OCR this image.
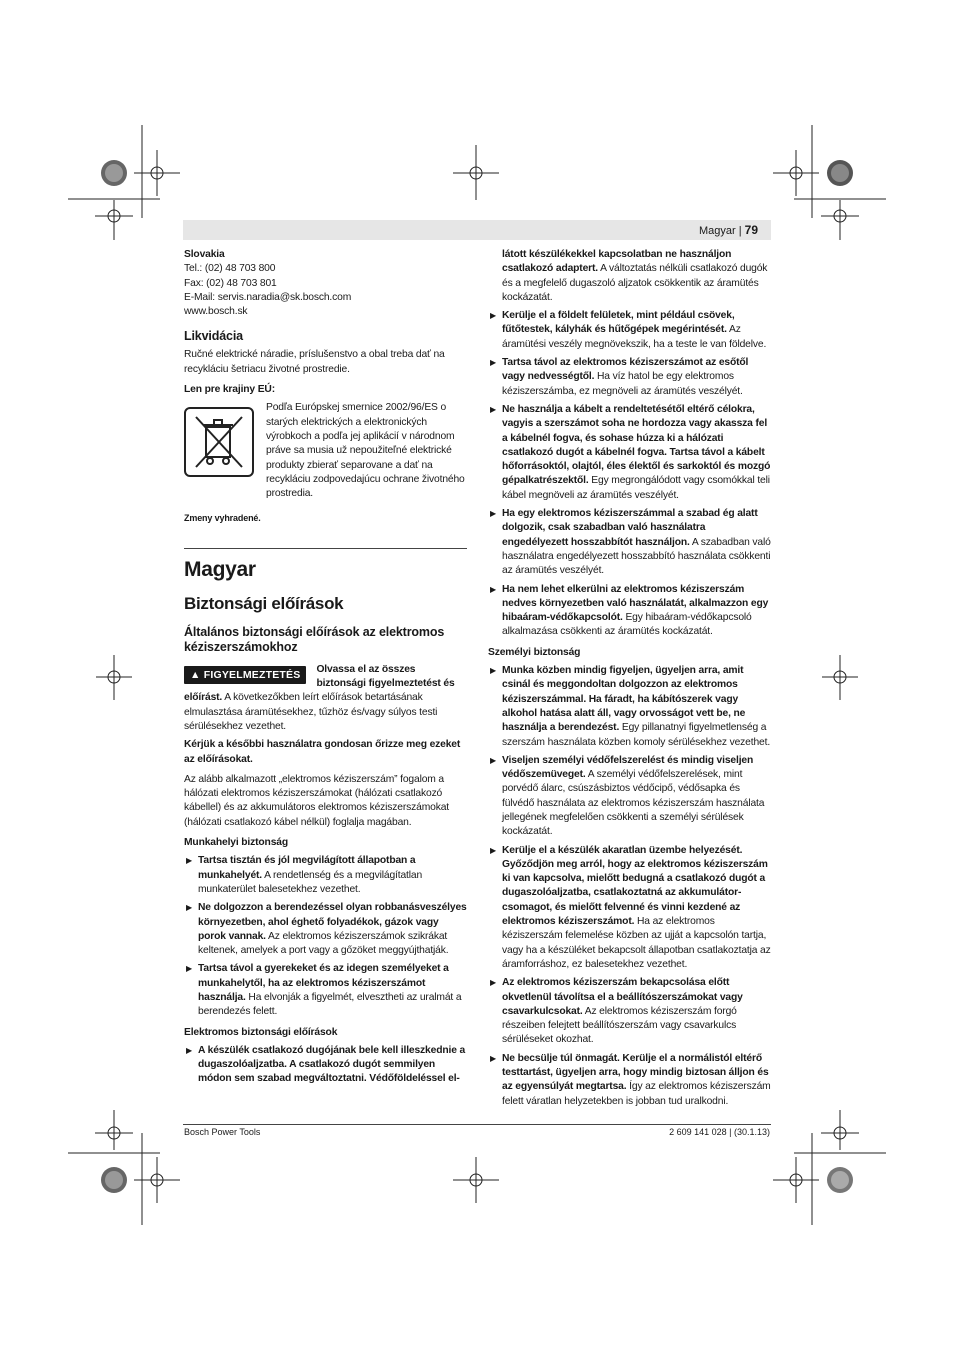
Magyar | 79

Slovakia

Tel.: (02) 48 703 800

Fax: (02) 48 703 801

E-Mail: servis.naradia@sk.bosch.com

www.bosch.sk

Likvidácia

Ručné elektrické náradie, príslušenstvo a obal treba dať na recykláciu šetriacu životné prostredie.

Len pre krajiny EÚ:

Podľa Európskej smernice 2002/96/ES o starých elektrických a elektronických výrobkoch a podľa jej aplikácií v národnom práve sa musia už nepoužiteľné elektrické produkty zbierať separovane a dať na recykláciu zodpovedajúcu ochrane životného prostredia.

Zmeny vyhradené.

Magyar

Biztonsági előírások

Általános biztonsági előírások az elektromos kéziszerszámokhoz

▲ FIGYELMEZTETÉS	Olvassa el az összes biztonsági figyelmeztetést és előírást. A következőkben leírt előírások betartásának elmulasztása áramütésekhez, tűzhöz és/vagy súlyos testi sérülésekhez vezethet.

Kérjük a későbbi használatra gondosan őrizze meg ezeket az előírásokat.

Az alább alkalmazott „elektromos kéziszerszám” fogalom a hálózati elektromos kéziszerszámokat (hálózati csatlakozó kábellel) és az akkumulátoros elektromos kéziszerszámokat (hálózati csatlakozó kábel nélkül) foglalja magában.

Munkahelyi biztonság

▶ Tartsa tisztán és jól megvilágított állapotban a munkahelyét. A rendetlenség és a megvilágítatlan munkaterület balesetekhez vezethet.

▶ Ne dolgozzon a berendezéssel olyan robbanásveszélyes környezetben, ahol éghető folyadékok, gázok vagy porok vannak. Az elektromos kéziszerszámok szikrákat keltenek, amelyek a port vagy a gőzöket meggyújthatják.

▶ Tartsa távol a gyerekeket és az idegen személyeket a munkahelytől, ha az elektromos kéziszerszámot használja. Ha elvonják a figyelmét, elvesztheti az uralmát a berendezés felett.

Elektromos biztonsági előírások

▶ A készülék csatlakozó dugójának bele kell illeszkednie a dugaszolóaljzatba. A csatlakozó dugót semmilyen módon sem szabad megváltoztatni. Védőföldeléssel el-

látott készülékekkel kapcsolatban ne használjon csatlakozó adaptert. A változtatás nélküli csatlakozó dugók és a megfelelő dugaszoló aljzatok csökkentik az áramütés kockázatát.

▶ Kerülje el a földelt felületek, mint például csövek, fűtőtestek, kályhák és hűtőgépek megérintését. Az áramütési veszély megnövekszik, ha a teste le van földelve.

▶ Tartsa távol az elektromos kéziszerszámot az esőtől vagy nedvességtől. Ha víz hatol be egy elektromos kéziszerszámba, ez megnöveli az áramütés veszélyét.

▶ Ne használja a kábelt a rendeltetésétől eltérő célokra, vagyis a szerszámot soha ne hordozza vagy akassza fel a kábelnél fogva, és sohase húzza ki a hálózati csatlakozó dugót a kábelnél fogva. Tartsa távol a kábelt hőforrásoktól, olajtól, éles élektől és sarkoktól és mozgó gépalkatrészektől. Egy megrongálódott vagy csomókkal teli kábel megnöveli az áramütés veszélyét.

▶ Ha egy elektromos kéziszerszámmal a szabad ég alatt dolgozik, csak szabadban való használatra engedélyezett hosszabbítót használjon. A szabadban való használatra engedélyezett hosszabbító használata csökkenti az áramütés veszélyét.

▶ Ha nem lehet elkerülni az elektromos kéziszerszám nedves környezetben való használatát, alkalmazzon egy hibaáram-védőkapcsolót. Egy hibaáram-védőkapcsoló alkalmazása csökkenti az áramütés kockázatát.

Személyi biztonság

▶ Munka közben mindig figyeljen, ügyeljen arra, amit csinál és meggondoltan dolgozzon az elektromos kéziszerszámmal. Ha fáradt, ha kábítószerek vagy alkohol hatása alatt áll, vagy orvosságot vett be, ne használja a berendezést. Egy pillanatnyi figyelmetlenség a szerszám használata közben komoly sérülésekhez vezethet.

▶ Viseljen személyi védőfelszerelést és mindig viseljen védőszemüveget. A személyi védőfelszerelések, mint porvédő álarc, csúszásbiztos védőcipő, védősapka és fülvédő használata az elektromos kéziszerszám használata jellegének megfelelően csökkenti a személyi sérülések kockázatát.

▶ Kerülje el a készülék akaratlan üzembe helyezését. Győződjön meg arról, hogy az elektromos kéziszerszám ki van kapcsolva, mielőtt bedugná a csatlakozó dugót a dugaszolóaljzatba, csatlakoztatná az akkumulátor-csomagot, és mielőtt felvenné és vinni kezdené az elektromos kéziszerszámot. Ha az elektromos kéziszerszám felemelése közben az ujját a kapcsolón tartja, vagy ha a készüléket bekapcsolt állapotban csatlakoztatja az áramforráshoz, ez balesetekhez vezethet.

▶ Az elektromos kéziszerszám bekapcsolása előtt okvetlenül távolítsa el a beállítószerszámokat vagy csavarkulcsokat. Az elektromos kéziszerszám forgó részeiben felejtett beállítószerszám vagy csavarkulcs sérüléseket okozhat.

▶ Ne becsülje túl önmagát. Kerülje el a normálistól eltérő testtartást, ügyeljen arra, hogy mindig biztosan álljon és az egyensúlyát megtartsa. Így az elektromos kéziszerszám felett váratlan helyzetekben is jobban tud uralkodni.

Bosch Power Tools	2 609 141 028 | (30.1.13)
